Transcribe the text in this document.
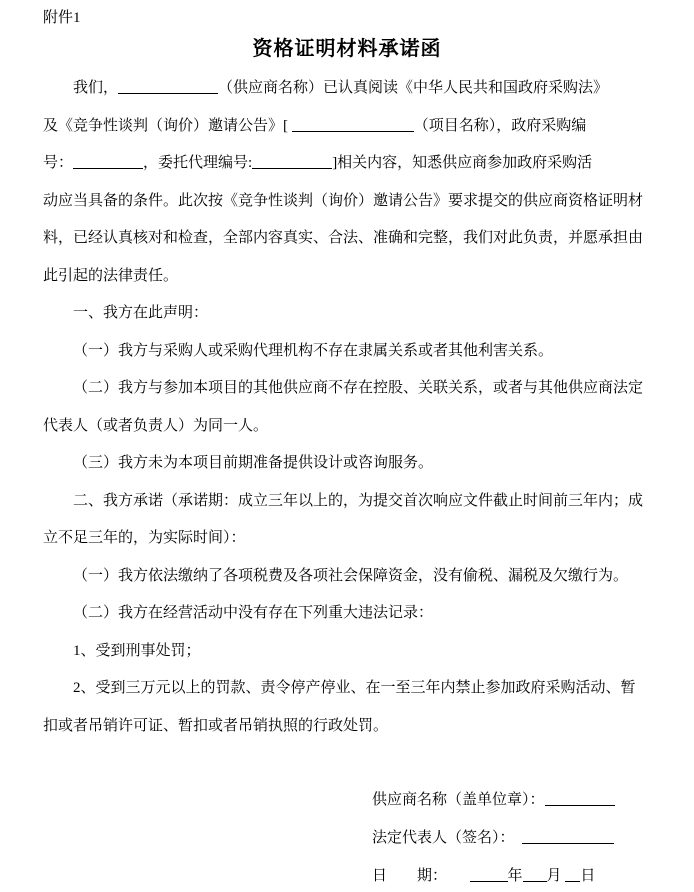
附件1
资格证明材料承诺函
我们，	（供应商名称）已认真阅读《中华人民共和国政府采购法》
及《竞争性谈判（询价）邀请公告》[	（项目名称），政府采购编
号：	，委托代理编号:	]相关内容，知悉供应商参加政府采购活
动应当具备的条件。此次按《竞争性谈判（询价）邀请公告》要求提交的供应商资格证明材
料，已经认真核对和检查，全部内容真实、合法、准确和完整，我们对此负责，并愿承担由
此引起的法律责任。
一、我方在此声明：
（一）我方与采购人或采购代理机构不存在隶属关系或者其他利害关系。
（二）我方与参加本项目的其他供应商不存在控股、关联关系，或者与其他供应商法定
代表人（或者负责人）为同一人。
（三）我方未为本项目前期准备提供设计或咨询服务。
二、我方承诺（承诺期：成立三年以上的，为提交首次响应文件截止时间前三年内；成
立不足三年的，为实际时间）：
（一）我方依法缴纳了各项税费及各项社会保障资金，没有偷税、漏税及欠缴行为。
（二）我方在经营活动中没有存在下列重大违法记录：
1、受到刑事处罚；
2、受到三万元以上的罚款、责令停产停业、在一至三年内禁止参加政府采购活动、暂
扣或者吊销许可证、暂扣或者吊销执照的行政处罚。
供应商名称（盖单位章）：
法定代表人（签名）：　
日　　期：　　	年 月 日
